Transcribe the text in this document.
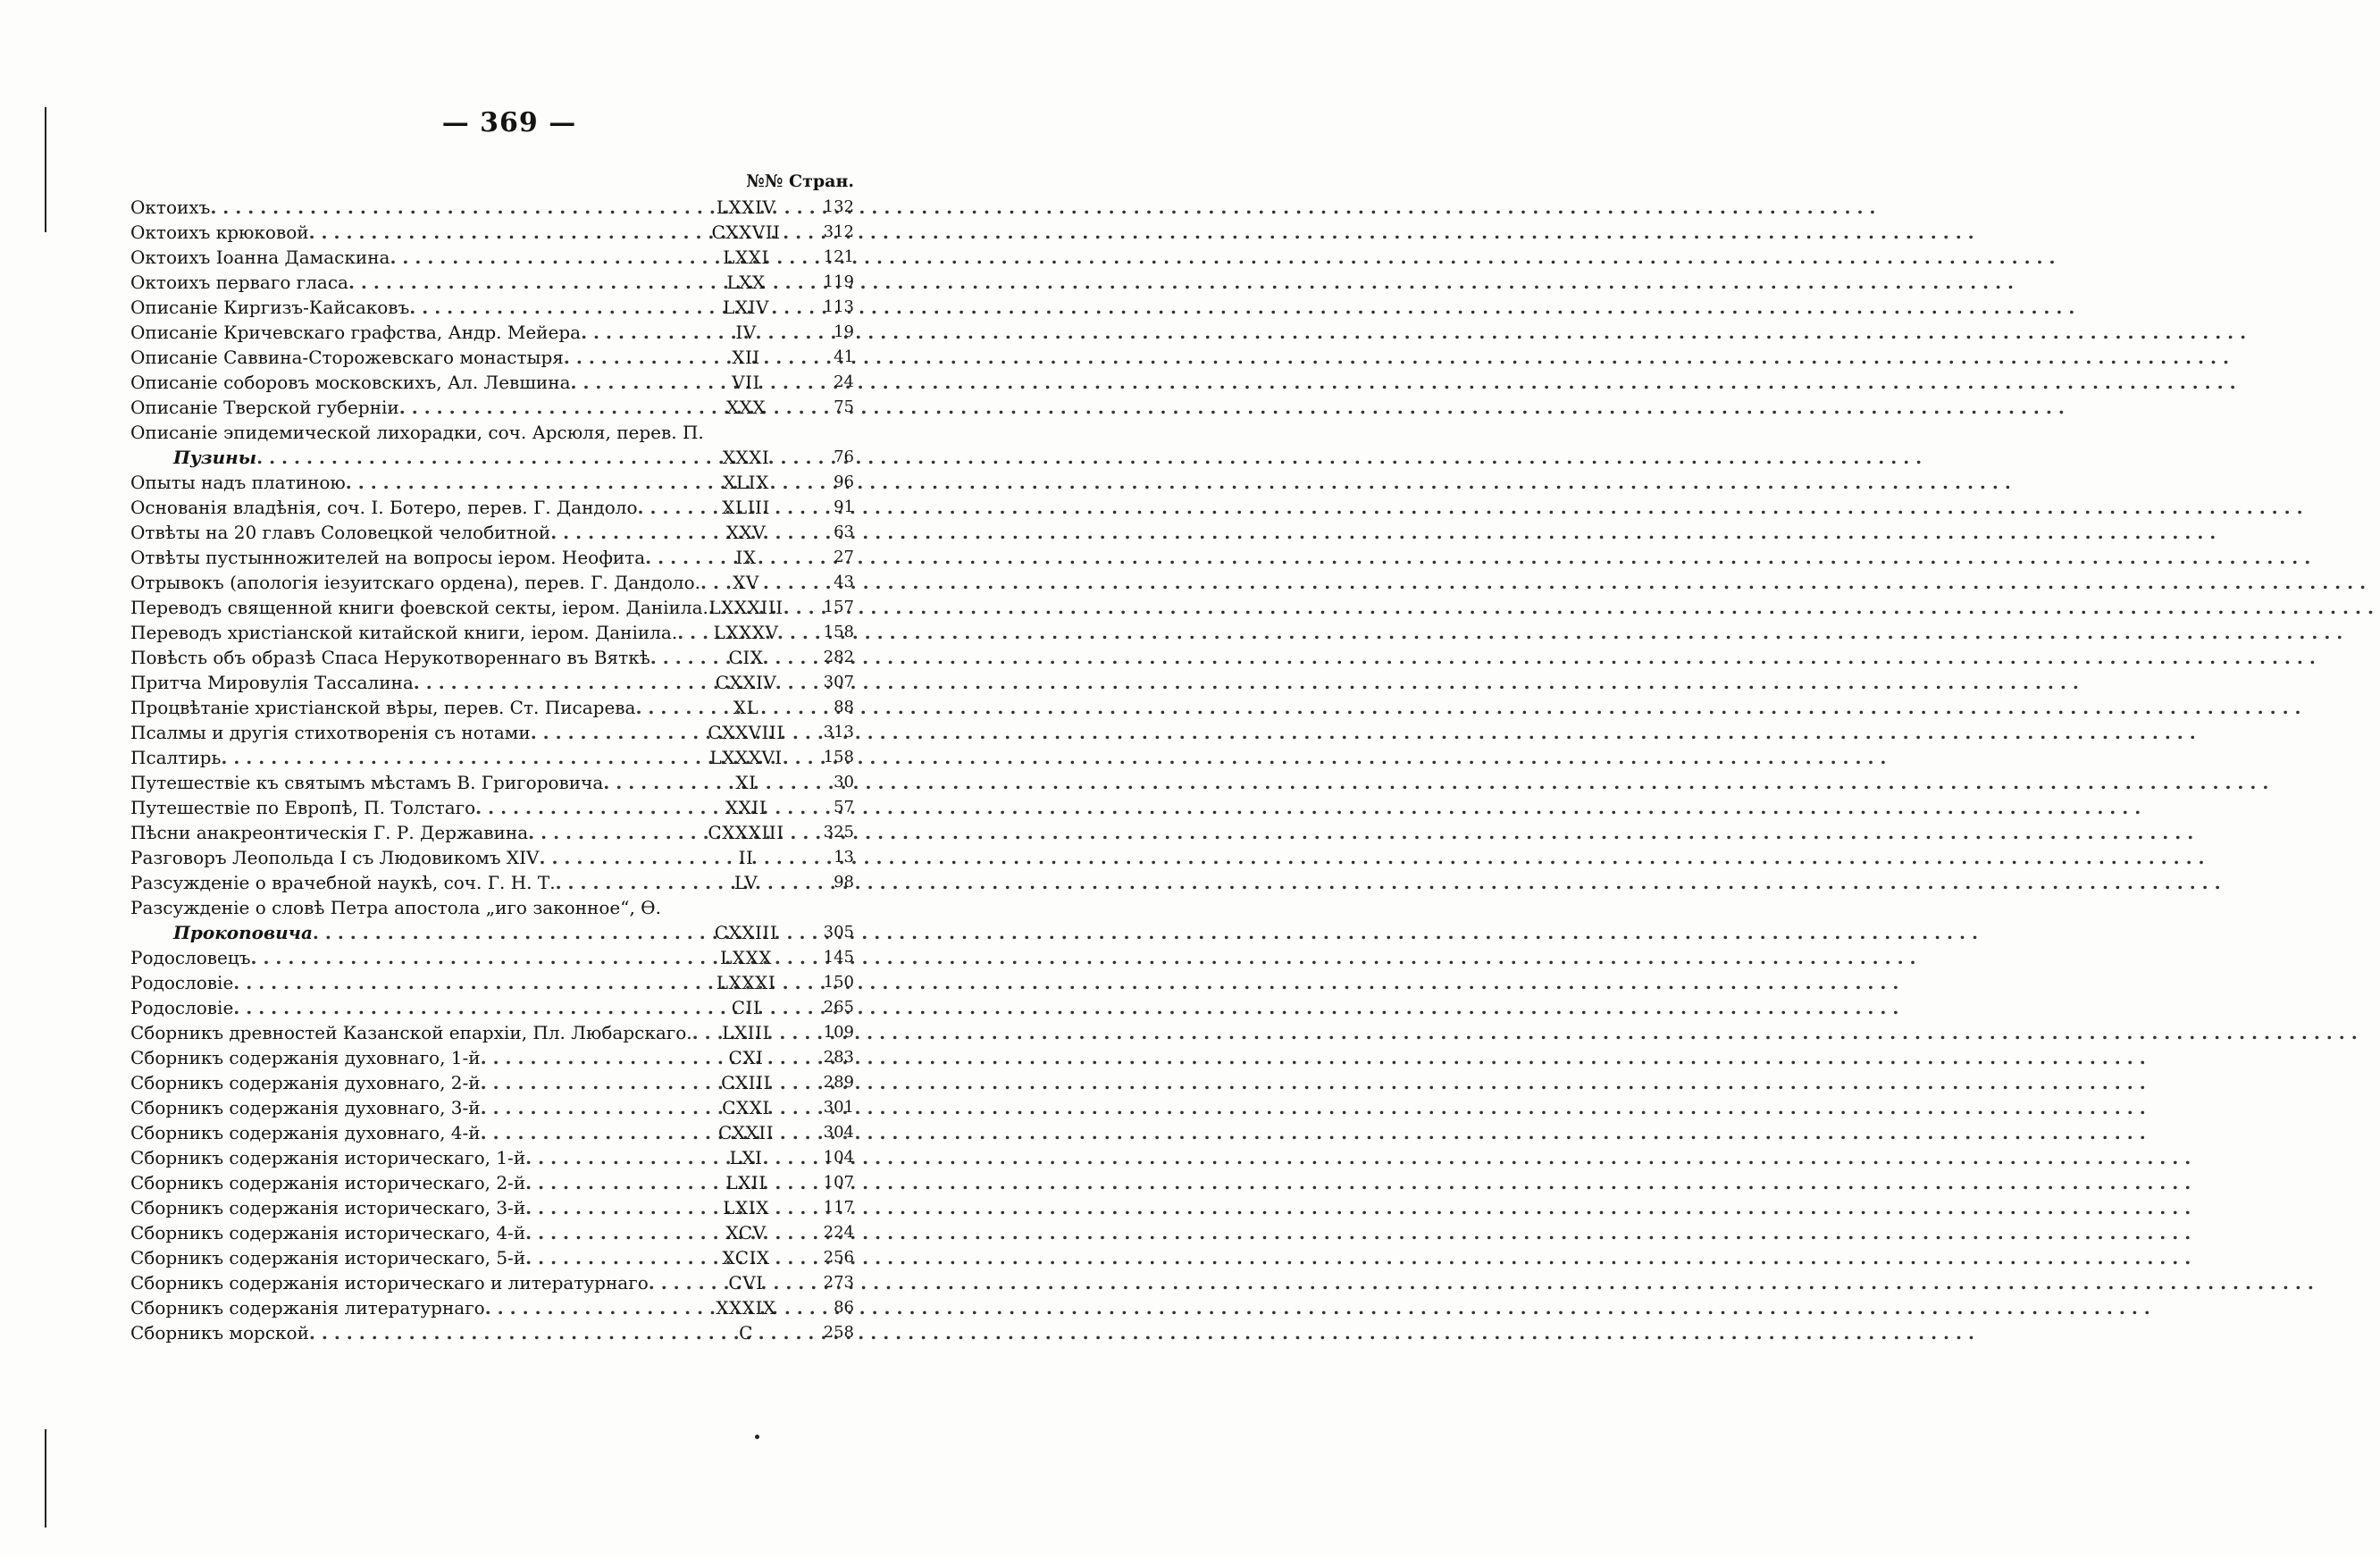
— 369 —
№№ Стран.
Октоихъ .....	LXXIV	132
Октоихъ крюковой .....	CXXVII	312
Октоихъ Іоанна Дамаскина .....	LXXI	121
Октоихъ перваго гласа .....	LXX	119
Описаніе Киргизъ-Кайсаковъ .....	LXIV	113
Описаніе Кричевскаго графства, Андр. Мейера .....	IV	19
Описаніе Саввина-Сторожевскаго монастыря .....	XII	41
Описаніе соборовъ московскихъ, Ал. Левшина .....	VII	24
Описаніе Тверской губерніи .....	XXX	75
Описаніе эпидемической лихорадки, соч. Арсюля, перев. П.
Пузины .....	XXXI	76
Опыты надъ платиною .....	XLIX	96
Основанія владѣнія, соч. І. Ботеро, перев. Г. Дандоло .....	XLIII	91
Отвѣты на 20 главъ Соловецкой челобитной .....	XXV	63
Отвѣты пустынножителей на вопросы іером. Неофита .....	IX	27
Отрывокъ (апологія іезуитскаго ордена), перев. Г. Дандоло. .....	XV	43
Переводъ священной книги фоевской секты, іером. Даніила. ..... LXXXIII	157
Переводъ христіанской китайской книги, іером. Даніила. .....	LXXXV	158
Повѣсть объ образѣ Спаса Нерукотвореннаго въ Вяткѣ .....	CIX	282
Притча Мировулія Тассалина .....	CXXIV	307
Процвѣтаніе христіанской вѣры, перев. Ст. Писарева .....	XL	88
Псалмы и другія стихотворенія съ нотами .....	CXXVIII	313
Псалтирь .....	LXXXVI	158
Путешествіе къ святымъ мѣстамъ В. Григоровича .....	XI	30
Путешествіе по Европѣ, П. Толстаго .....	XXII	57
Пѣсни анакреонтическія Г. Р. Державина .....	CXXXIII	325
Разговоръ Леопольда I съ Людовикомъ XIV .....	II	13
Разсужденіе о врачебной наукѣ, соч. Г. Н. Т. .....	LV	98
Разсужденіе о словѣ Петра апостола „иго законное“, Ѳ.
Прокоповича .....	CXXIII	305
Родословецъ .....	LXXX	145
Родословіе .....	LXXXI	150
Родословіе .....	CII	265
Сборникъ древностей Казанской епархіи, Пл. Любарскаго. .....	LXIII	109
Сборникъ содержанія духовнаго, 1-й .....	CXI	283
Сборникъ содержанія духовнаго, 2-й .....	CXIII	289
Сборникъ содержанія духовнаго, 3-й .....	CXXI	301
Сборникъ содержанія духовнаго, 4-й .....	CXXII	304
Сборникъ содержанія историческаго, 1-й .....	LXI	104
Сборникъ содержанія историческаго, 2-й .....	LXII	107
Сборникъ содержанія историческаго, 3-й .....	LXIX	117
Сборникъ содержанія историческаго, 4-й .....	XCV	224
Сборникъ содержанія историческаго, 5-й .....	XCIX	256
Сборникъ содержанія историческаго и литературнаго .....	CVI	273
Сборникъ содержанія литературнаго .....	XXXIX	86
Сборникъ морской .....	C	258
